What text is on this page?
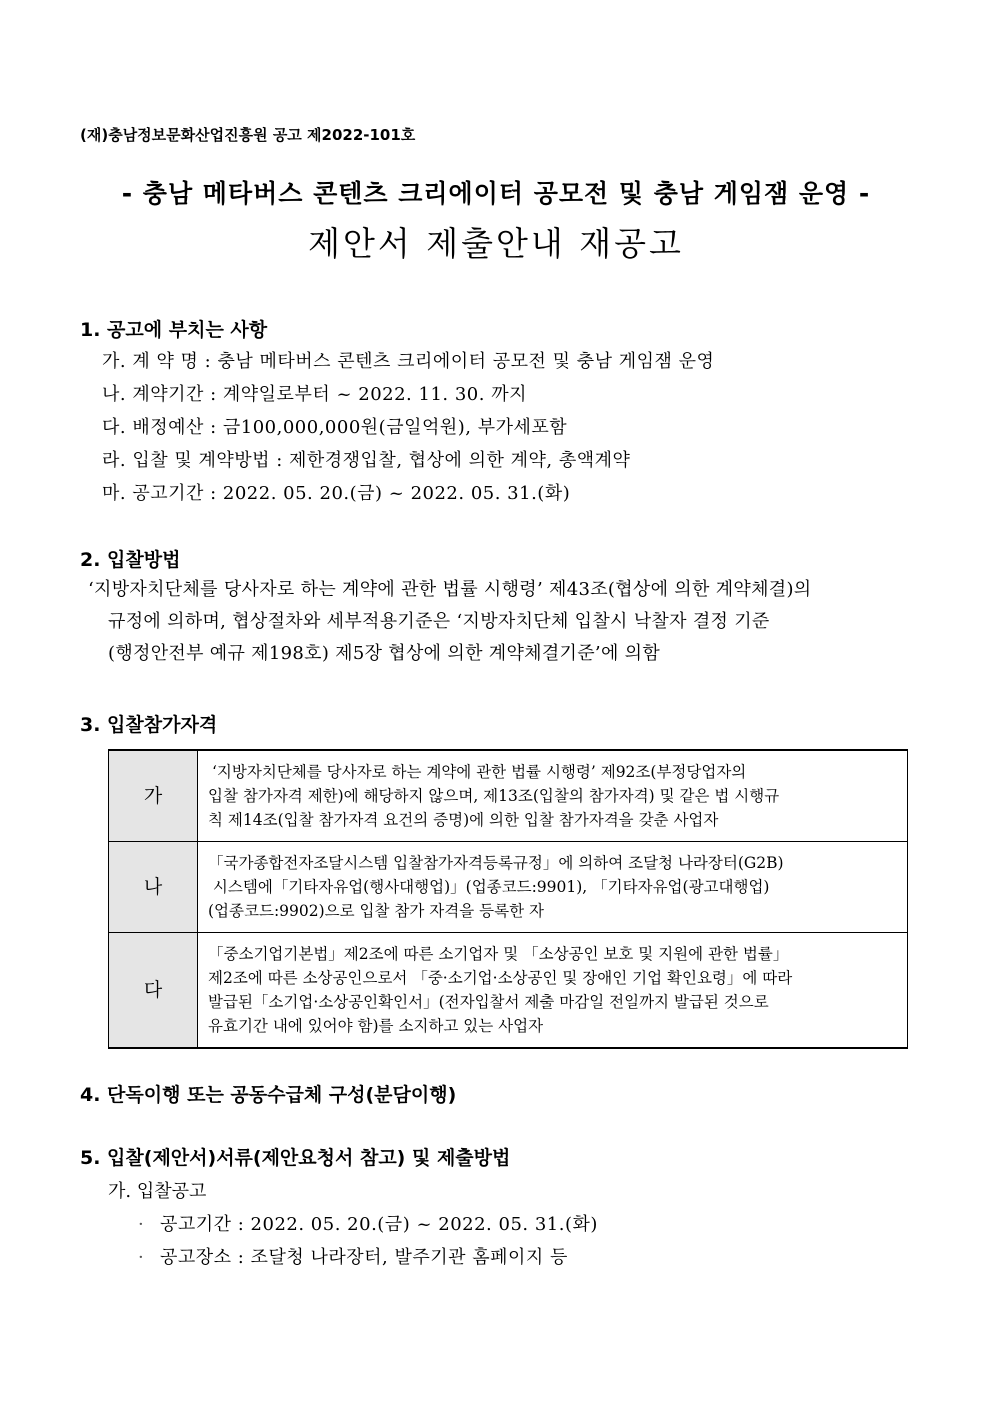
(재)충남정보문화산업진흥원 공고 제2022-101호
- 충남 메타버스 콘텐츠 크리에이터 공모전 및 충남 게임잼 운영 -
제안서 제출안내 재공고
1. 공고에 부치는 사항
가. 계 약 명 : 충남 메타버스 콘텐츠 크리에이터 공모전 및 충남 게임잼 운영
나. 계약기간 : 계약일로부터 ~ 2022. 11. 30. 까지
다. 배정예산 : 금100,000,000원(금일억원), 부가세포함
라. 입찰 및 계약방법 : 제한경쟁입찰, 협상에 의한 계약, 총액계약
마. 공고기간 : 2022. 05. 20.(금) ~ 2022. 05. 31.(화)
2. 입찰방법
‘지방자치단체를 당사자로 하는 계약에 관한 법률 시행령’ 제43조(협상에 의한 계약체결)의
규정에 의하며, 협상절차와 세부적용기준은 ‘지방자치단체 입찰시 낙찰자 결정 기준
(행정안전부 예규 제198호) 제5장 협상에 의한 계약체결기준’에 의함
3. 입찰참가자격
가	‘지방자치단체를 당사자로 하는 계약에 관한 법률 시행령’ 제92조(부정당업자의
입찰 참가자격 제한)에 해당하지 않으며, 제13조(입찰의 참가자격) 및 같은 법 시행규
칙 제14조(입찰 참가자격 요건의 증명)에 의한 입찰 참가자격을 갖춘 사업자

나	「국가종합전자조달시스템 입찰참가자격등록규정」에 의하여 조달청 나라장터(G2B)
시스템에「기타자유업(행사대행업)」(업종코드:9901), 「기타자유업(광고대행업)
(업종코드:9902)으로 입찰 참가 자격을 등록한 자

다	「중소기업기본법」제2조에 따른 소기업자 및 「소상공인 보호 및 지원에 관한 법률」
제2조에 따른 소상공인으로서 「중·소기업·소상공인 및 장애인 기업 확인요령」에 따라
발급된「소기업·소상공인확인서」(전자입찰서 제출 마감일 전일까지 발급된 것으로
유효기간 내에 있어야 함)를 소지하고 있는 사업자
4. 단독이행 또는 공동수급체 구성(분담이행)
5. 입찰(제안서)서류(제안요청서 참고) 및 제출방법
가. 입찰공고
· 공고기간 : 2022. 05. 20.(금) ~ 2022. 05. 31.(화)
· 공고장소 : 조달청 나라장터, 발주기관 홈페이지 등
